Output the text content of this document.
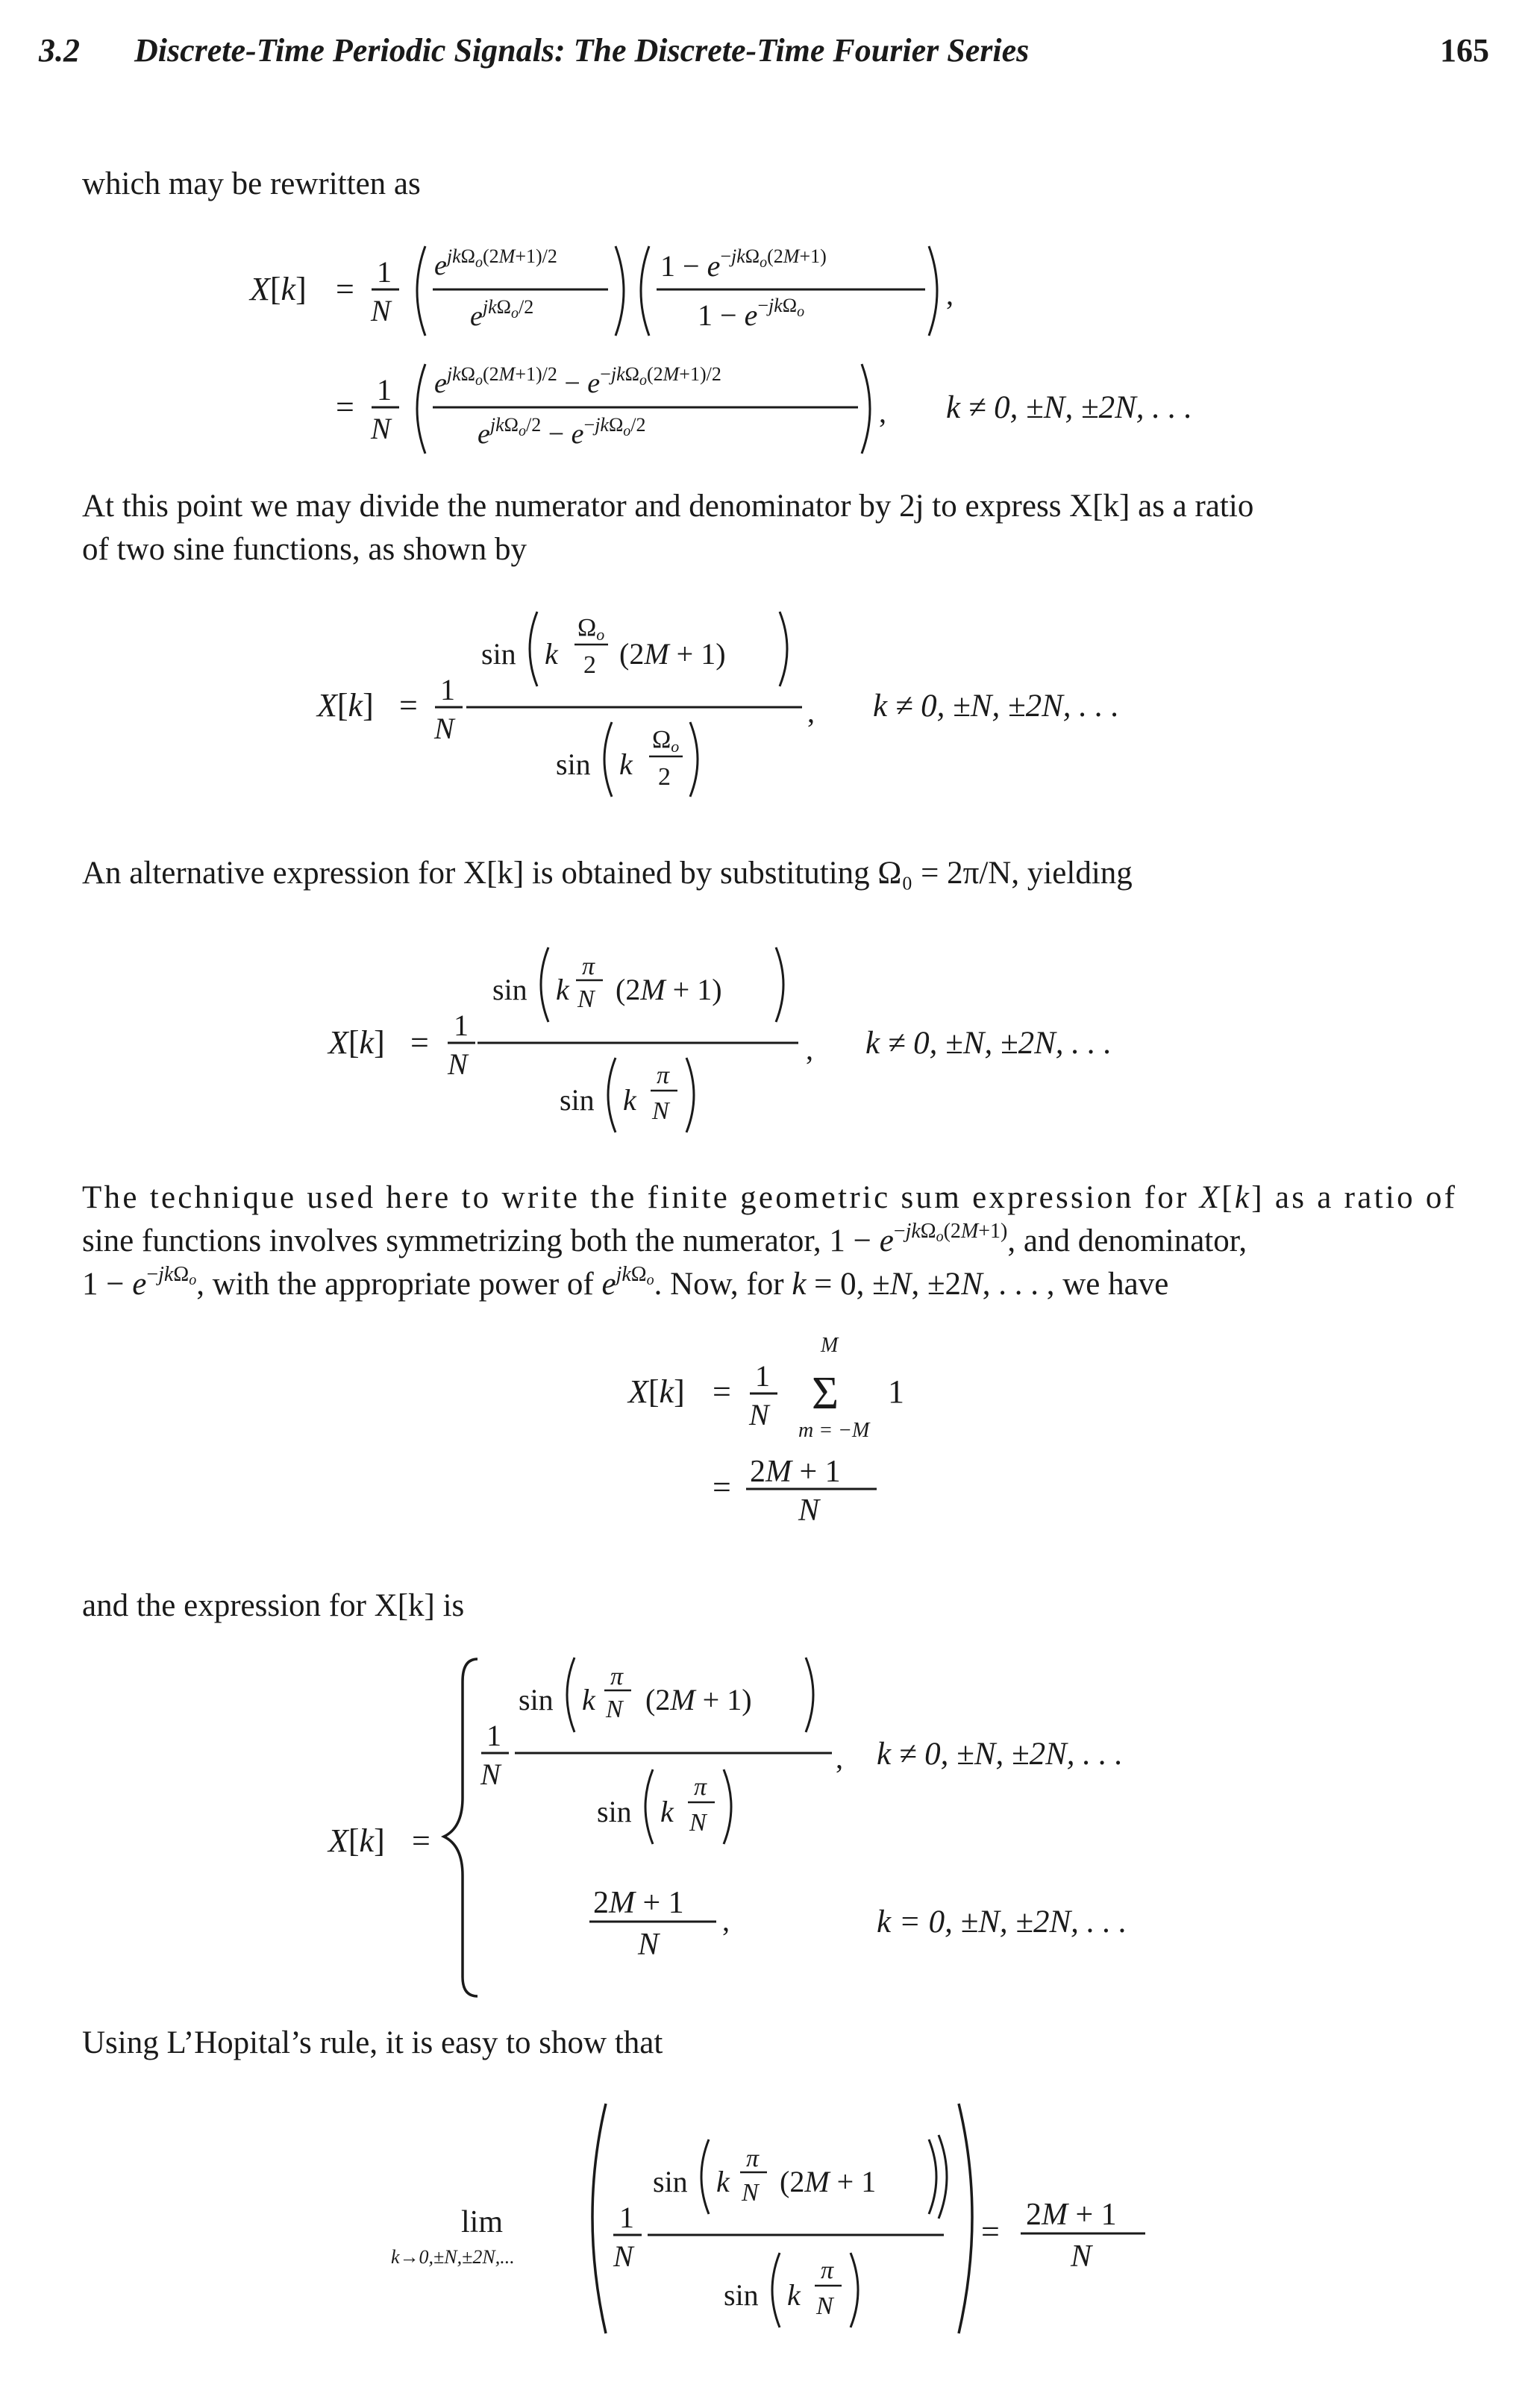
3.2 Discrete-Time Periodic Signals: The Discrete-Time Fourier Series	165
which may be rewritten as
X[k] = 1
N
$e^{jk}\Omega o(2M+1)/2$
$e^{jk}\Omega o/2$
1 − e−jkΩo(2M+1)
1 − e−jkΩo
,
= 1
N
$e^{jk}\Omega o(2M+1)/2 - e^-jk\Omega o(2M+1)/2$
$e^{jk}\Omega o/2 - e^-jk\Omega o/2$	, k ≠ 0, ±N, ±2N, . . .
At this point we may divide the numerator and denominator by 2j to express X[k] as a ratio
of two sine functions, as shown by
X[k] = 1
N
sin k
Ωo
2 (2M + 1)
sin k
Ωo
2
, k ≠ 0, ±N, ±2N, . . .
An alternative expression for X[k] is obtained by substituting Ω₀ = 2π/N, yielding
X[k] = 1
N
sin k
π
N (2M + 1)
sin k
π
N
, k ≠ 0, ±N, ±2N, . . .
The technique used here to write the finite geometric sum expression for X[k] as a ratio of
sine functions involves symmetrizing both the numerator, 1 − e−jkΩo(2M+1), and denominator,
1 − e−jkΩo, with the appropriate power of $e^{jk}\Omega o$. Now, for k = 0, ±N, ±2N, . . . , we have
X[k] = 1
N
M
Σ
m = −M
1
= 2M + 1
N
and the expression for X[k] is
X[k] =
1
N
sin k
π
N (2M + 1)
sin k
π
N
, k ≠ 0, ±N, ±2N, . . .
2M + 1
N
,	k = 0, ±N, ±2N, . . .
Using L’Hopital’s rule, it is easy to show that
lim
k→0,±N,±2N,...
1
N
sin k
π
N (2M + 1
sin k
π
N
= 2M + 1
N
